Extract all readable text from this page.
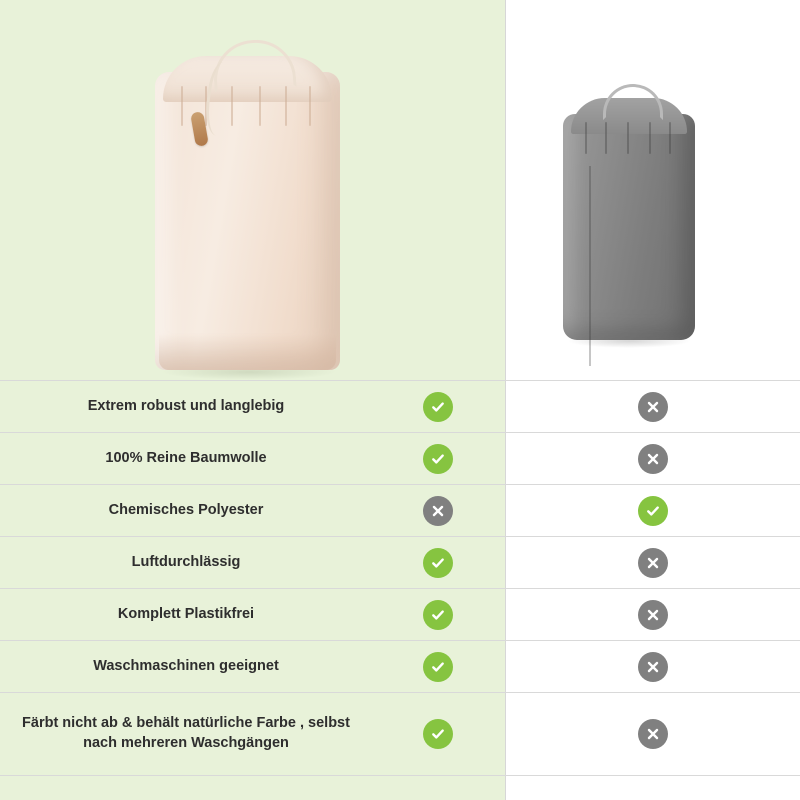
Extrem robust und langlebig
100% Reine Baumwolle
Chemisches Polyester
Luftdurchlässig
Komplett Plastikfrei
Waschmaschinen geeignet
Färbt nicht ab & behält natürliche Farbe , selbst nach mehreren Waschgängen
